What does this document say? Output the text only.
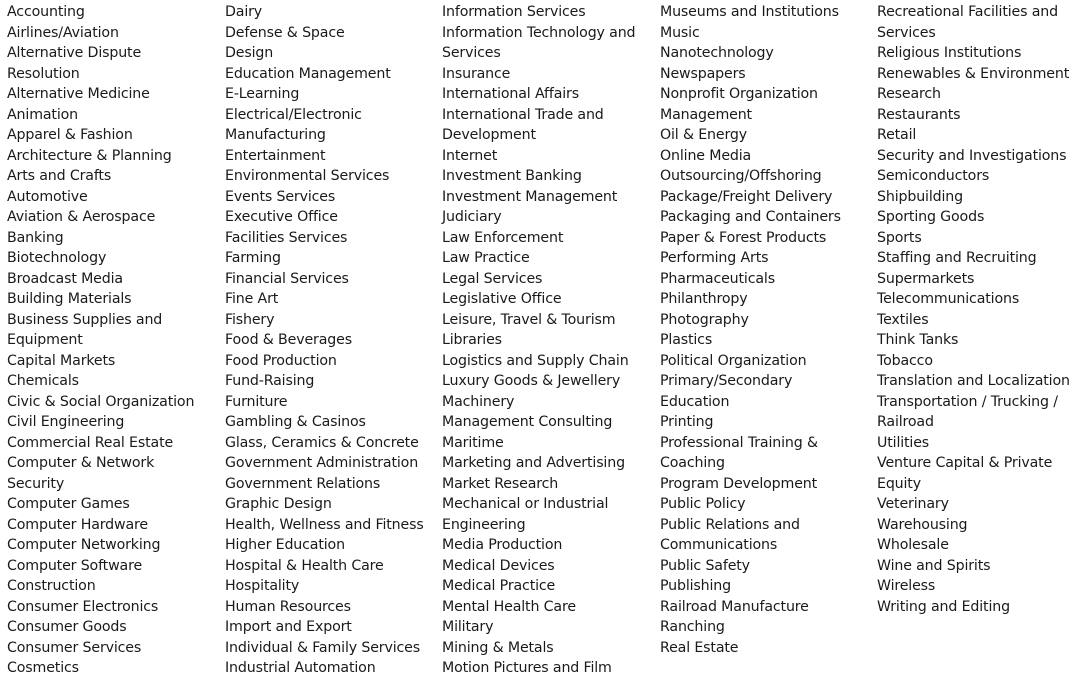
Accounting
Airlines/Aviation
Alternative Dispute
Resolution
Alternative Medicine
Animation
Apparel & Fashion
Architecture & Planning
Arts and Crafts
Automotive
Aviation & Aerospace
Banking
Biotechnology
Broadcast Media
Building Materials
Business Supplies and
Equipment
Capital Markets
Chemicals
Civic & Social Organization
Civil Engineering
Commercial Real Estate
Computer & Network
Security
Computer Games
Computer Hardware
Computer Networking
Computer Software
Construction
Consumer Electronics
Consumer Goods
Consumer Services
Cosmetics
Dairy
Defense & Space
Design
Education Management
E-Learning
Electrical/Electronic
Manufacturing
Entertainment
Environmental Services
Events Services
Executive Office
Facilities Services
Farming
Financial Services
Fine Art
Fishery
Food & Beverages
Food Production
Fund-Raising
Furniture
Gambling & Casinos
Glass, Ceramics & Concrete
Government Administration
Government Relations
Graphic Design
Health, Wellness and Fitness
Higher Education
Hospital & Health Care
Hospitality
Human Resources
Import and Export
Individual & Family Services
Industrial Automation
Information Services
Information Technology and
Services
Insurance
International Affairs
International Trade and
Development
Internet
Investment Banking
Investment Management
Judiciary
Law Enforcement
Law Practice
Legal Services
Legislative Office
Leisure, Travel & Tourism
Libraries
Logistics and Supply Chain
Luxury Goods & Jewellery
Machinery
Management Consulting
Maritime
Marketing and Advertising
Market Research
Mechanical or Industrial
Engineering
Media Production
Medical Devices
Medical Practice
Mental Health Care
Military
Mining & Metals
Motion Pictures and Film
Museums and Institutions
Music
Nanotechnology
Newspapers
Nonprofit Organization
Management
Oil & Energy
Online Media
Outsourcing/Offshoring
Package/Freight Delivery
Packaging and Containers
Paper & Forest Products
Performing Arts
Pharmaceuticals
Philanthropy
Photography
Plastics
Political Organization
Primary/Secondary
Education
Printing
Professional Training &
Coaching
Program Development
Public Policy
Public Relations and
Communications
Public Safety
Publishing
Railroad Manufacture
Ranching
Real Estate
Recreational Facilities and
Services
Religious Institutions
Renewables & Environment
Research
Restaurants
Retail
Security and Investigations
Semiconductors
Shipbuilding
Sporting Goods
Sports
Staffing and Recruiting
Supermarkets
Telecommunications
Textiles
Think Tanks
Tobacco
Translation and Localization
Transportation / Trucking /
Railroad
Utilities
Venture Capital & Private
Equity
Veterinary
Warehousing
Wholesale
Wine and Spirits
Wireless
Writing and Editing
